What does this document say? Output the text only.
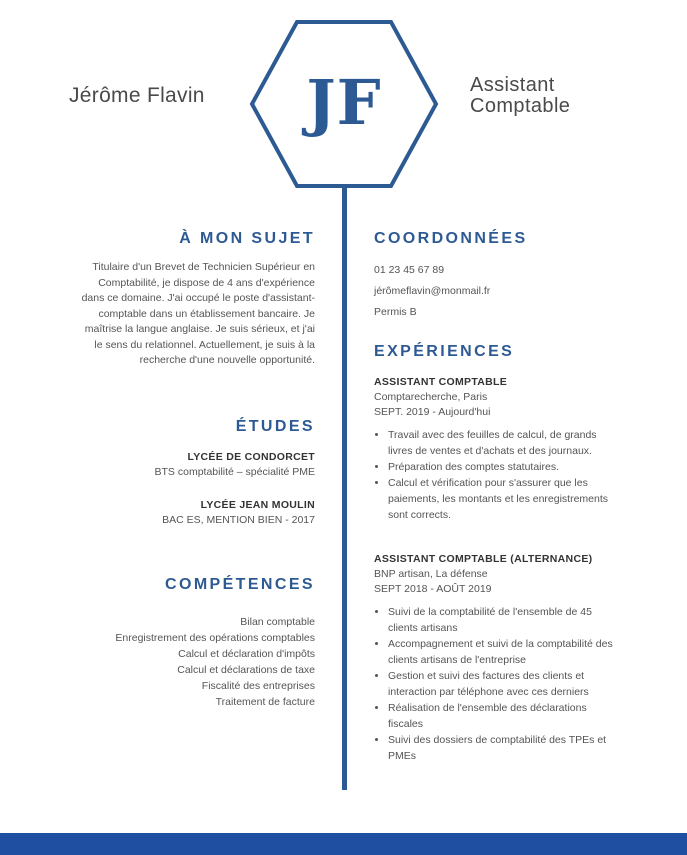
Jérôme Flavin	JF	Assistant
Comptable
À MON SUJET
Titulaire d'un Brevet de Technicien Supérieur en Comptabilité, je dispose de 4 ans d'expérience dans ce domaine. J'ai occupé le poste d'assistant-comptable dans un établissement bancaire. Je maîtrise la langue anglaise. Je suis sérieux, et j'ai le sens du relationnel. Actuellement, je suis à la recherche d'une nouvelle opportunité.
ÉTUDES
LYCÉE DE CONDORCET
BTS comptabilité – spécialité PME
LYCÉE JEAN MOULIN
BAC ES, MENTION BIEN - 2017
COMPÉTENCES
Bilan comptable
Enregistrement des opérations comptables
Calcul et déclaration d'impôts
Calcul et déclarations de taxe
Fiscalité des entreprises
Traitement de facture
COORDONNÉES
01 23 45 67 89
jérômeflavin@monmail.fr
Permis B
EXPÉRIENCES
ASSISTANT COMPTABLE
Comptarecherche, Paris
SEPT. 2019 - Aujourd'hui
• Travail avec des feuilles de calcul, de grands livres de ventes et d'achats et des journaux.
• Préparation des comptes statutaires.
• Calcul et vérification pour s'assurer que les paiements, les montants et les enregistrements sont corrects.
ASSISTANT COMPTABLE (ALTERNANCE)
BNP artisan, La défense
SEPT 2018 - AOÛT 2019
• Suivi de la comptabilité de l'ensemble de 45 clients artisans
• Accompagnement et suivi de la comptabilité des clients artisans de l'entreprise
• Gestion et suivi des factures des clients et interaction par téléphone avec ces derniers
• Réalisation de l'ensemble des déclarations fiscales
• Suivi des dossiers de comptabilité des TPEs et PMEs
